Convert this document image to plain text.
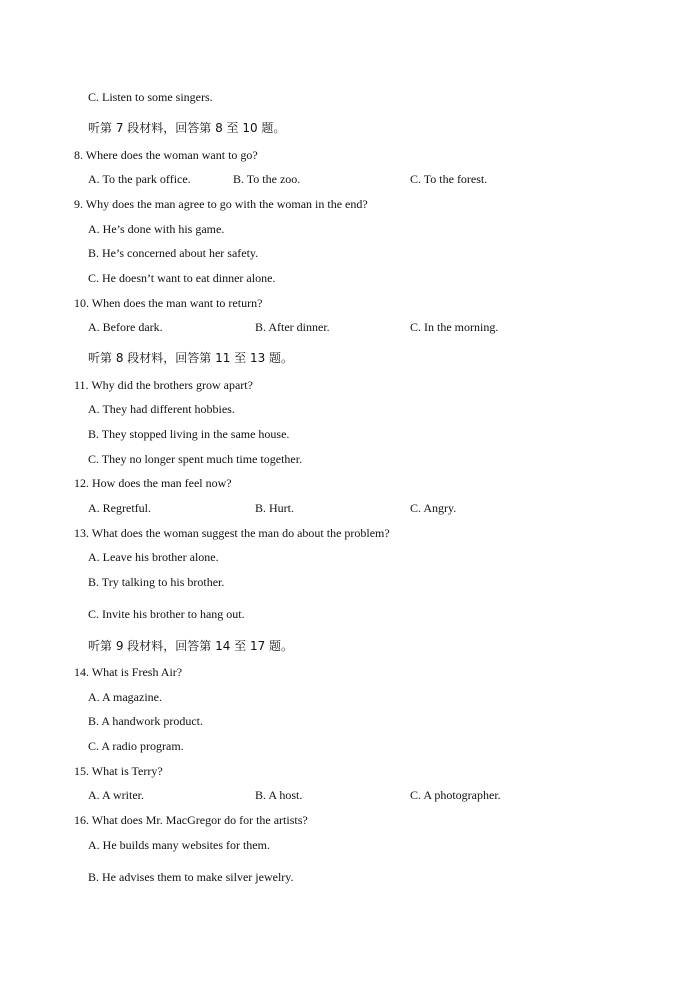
C. Listen to some singers.
听第 7 段材料，回答第 8 至 10 题。
8. Where does the woman want to go?
A. To the park office.	B. To the zoo.	C. To the forest.
9. Why does the man agree to go with the woman in the end?
A. He’s done with his game.
B. He’s concerned about her safety.
C. He doesn’t want to eat dinner alone.
10. When does the man want to return?
A. Before dark.	B. After dinner.	C. In the morning.
听第 8 段材料，回答第 11 至 13 题。
11. Why did the brothers grow apart?
A. They had different hobbies.
B. They stopped living in the same house.
C. They no longer spent much time together.
12. How does the man feel now?
A. Regretful.	B. Hurt.	C. Angry.
13. What does the woman suggest the man do about the problem?
A. Leave his brother alone.
B. Try talking to his brother.
C. Invite his brother to hang out.
听第 9 段材料，回答第 14 至 17 题。
14. What is Fresh Air?
A. A magazine.
B. A handwork product.
C. A radio program.
15. What is Terry?
A. A writer.	B. A host.	C. A photographer.
16. What does Mr. MacGregor do for the artists?
A. He builds many websites for them.
B. He advises them to make silver jewelry.
